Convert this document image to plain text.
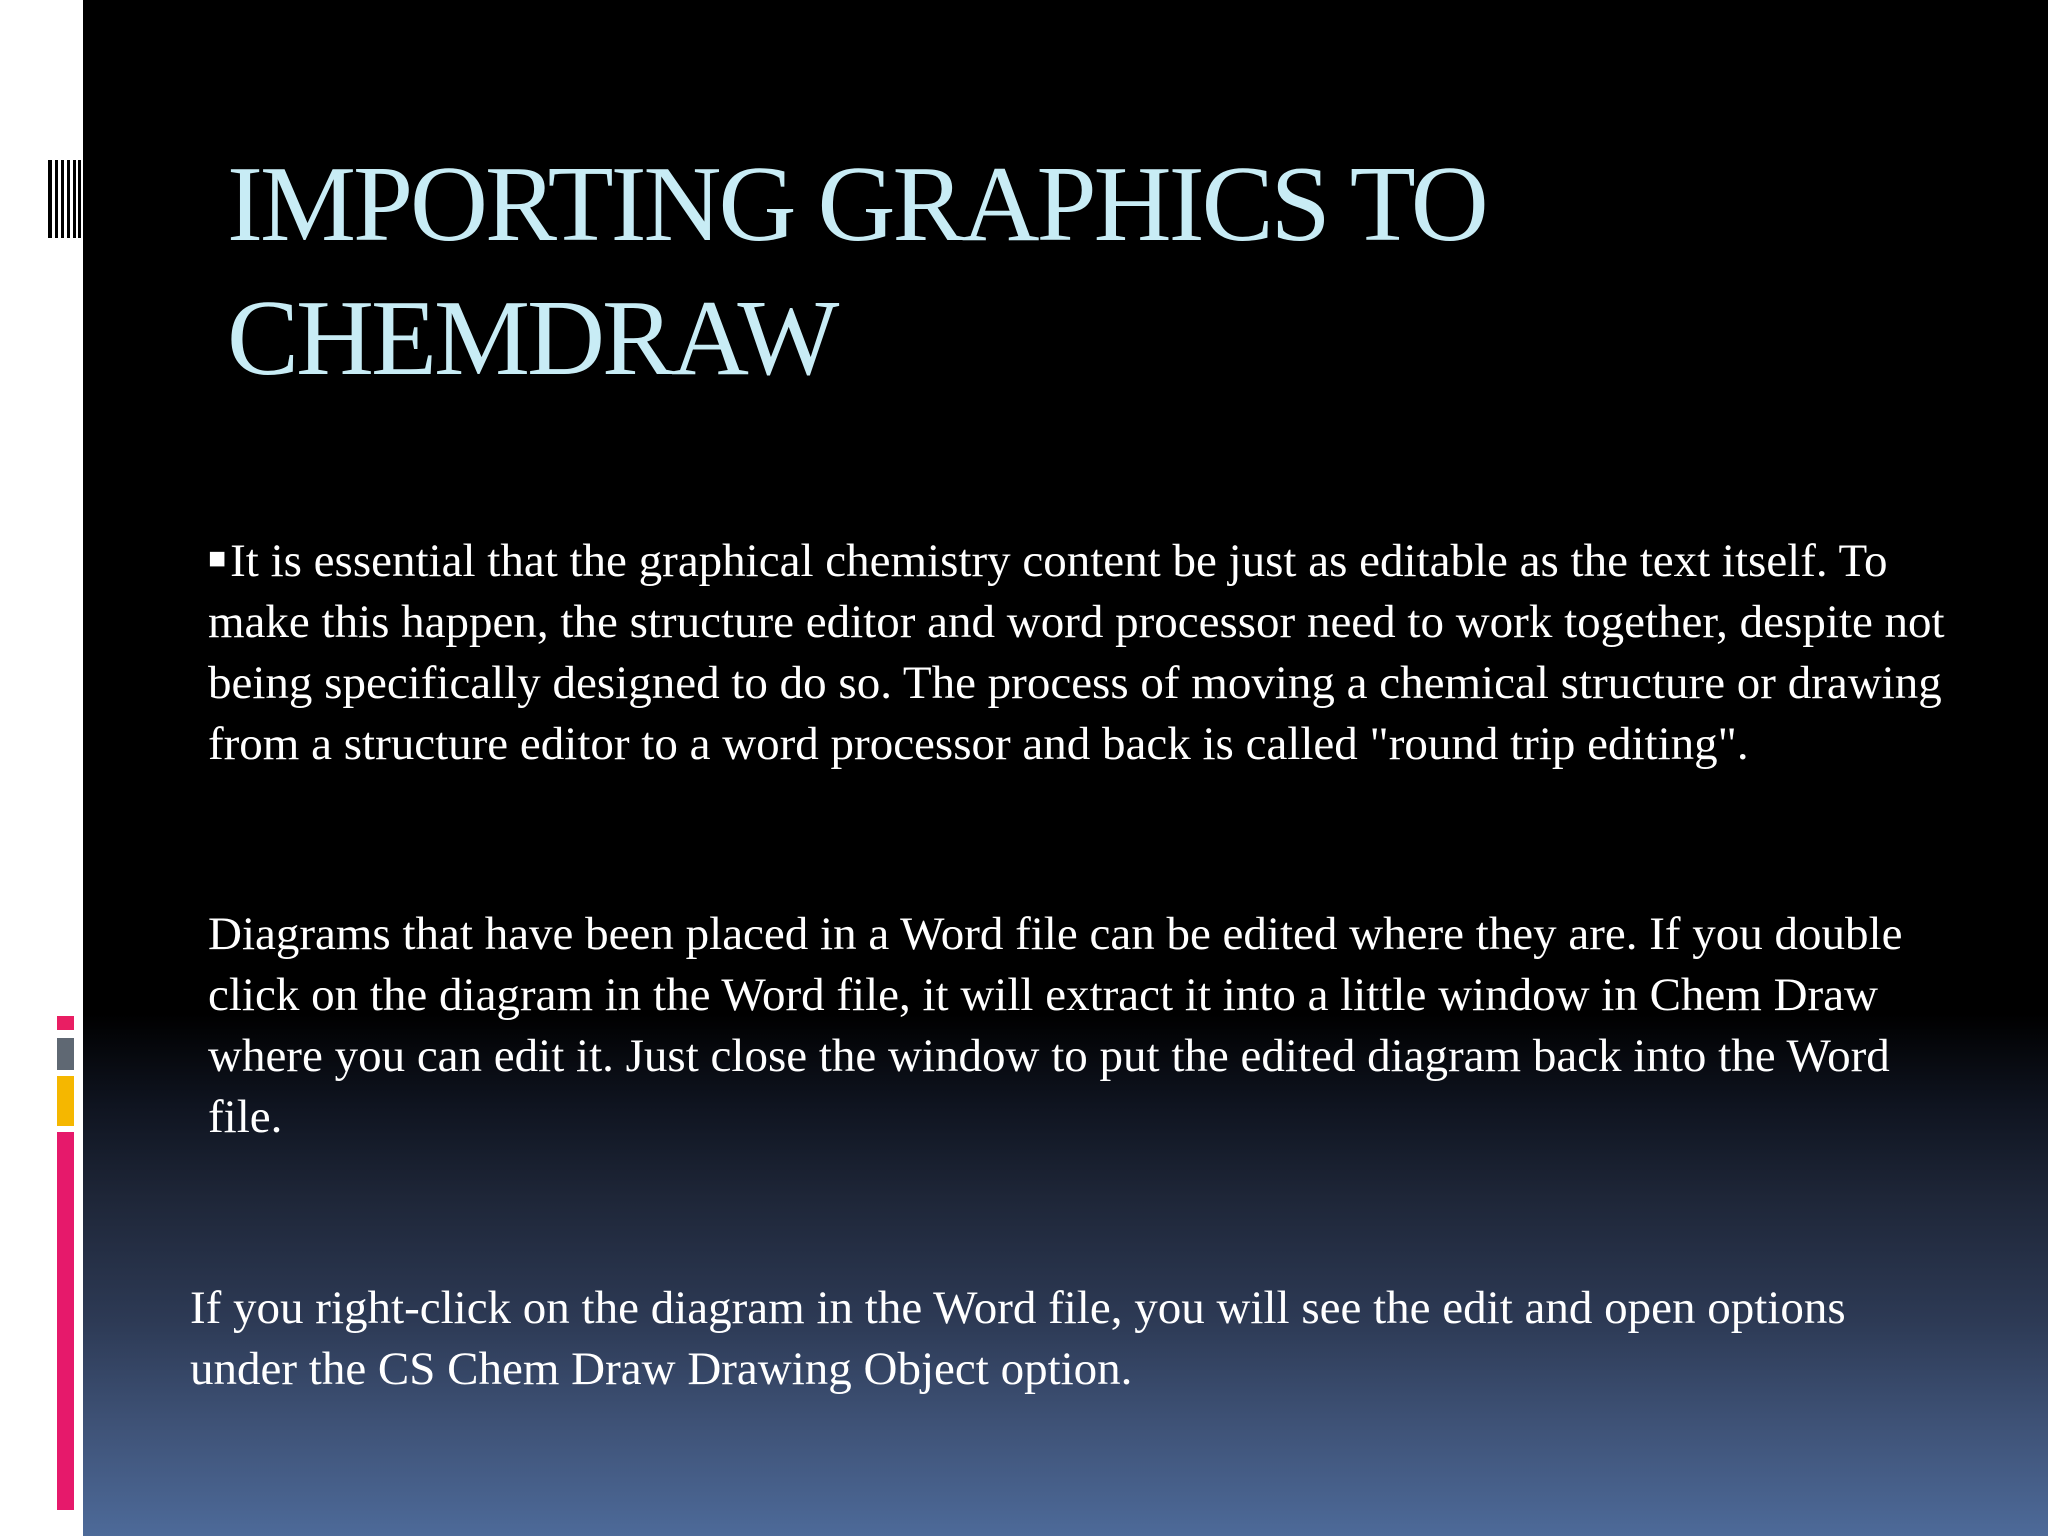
IMPORTING GRAPHICS TO CHEMDRAW

■It is essential that the graphical chemistry content be just as editable as the text itself. To make this happen, the structure editor and word processor need to work together, despite not being specifically designed to do so. The process of moving a chemical structure or drawing from a structure editor to a word processor and back is called "round trip editing".

Diagrams that have been placed in a Word file can be edited where they are. If you double click on the diagram in the Word file, it will extract it into a little window in Chem Draw where you can edit it. Just close the window to put the edited diagram back into the Word file.

If you right-click on the diagram in the Word file, you will see the edit and open options under the CS Chem Draw Drawing Object option.
